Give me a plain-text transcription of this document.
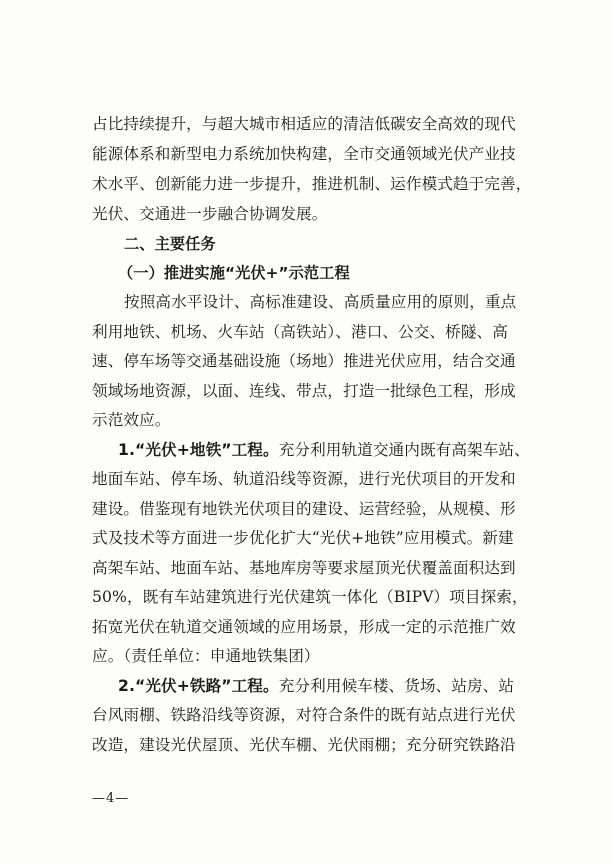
占比持续提升，与超大城市相适应的清洁低碳安全高效的现代
能源体系和新型电力系统加快构建，全市交通领域光伏产业技
术水平、创新能力进一步提升，推进机制、运作模式趋于完善，
光伏、交通进一步融合协调发展。
二、主要任务
（一）推进实施“光伏+”示范工程
按照高水平设计、高标准建设、高质量应用的原则，重点
利用地铁、机场、火车站（高铁站）、港口、公交、桥隧、高
速、停车场等交通基础设施（场地）推进光伏应用，结合交通
领域场地资源，以面、连线、带点，打造一批绿色工程，形成
示范效应。
1.“光伏+地铁”工程。充分利用轨道交通内既有高架车站、
地面车站、停车场、轨道沿线等资源，进行光伏项目的开发和
建设。借鉴现有地铁光伏项目的建设、运营经验，从规模、形
式及技术等方面进一步优化扩大“光伏+地铁”应用模式。新建
高架车站、地面车站、基地库房等要求屋顶光伏覆盖面积达到
50%，既有车站建筑进行光伏建筑一体化（BIPV）项目探索，
拓宽光伏在轨道交通领域的应用场景，形成一定的示范推广效
应。（责任单位：申通地铁集团）
2.“光伏+铁路”工程。充分利用候车楼、货场、站房、站
台风雨棚、铁路沿线等资源，对符合条件的既有站点进行光伏
改造，建设光伏屋顶、光伏车棚、光伏雨棚；充分研究铁路沿
—4—
